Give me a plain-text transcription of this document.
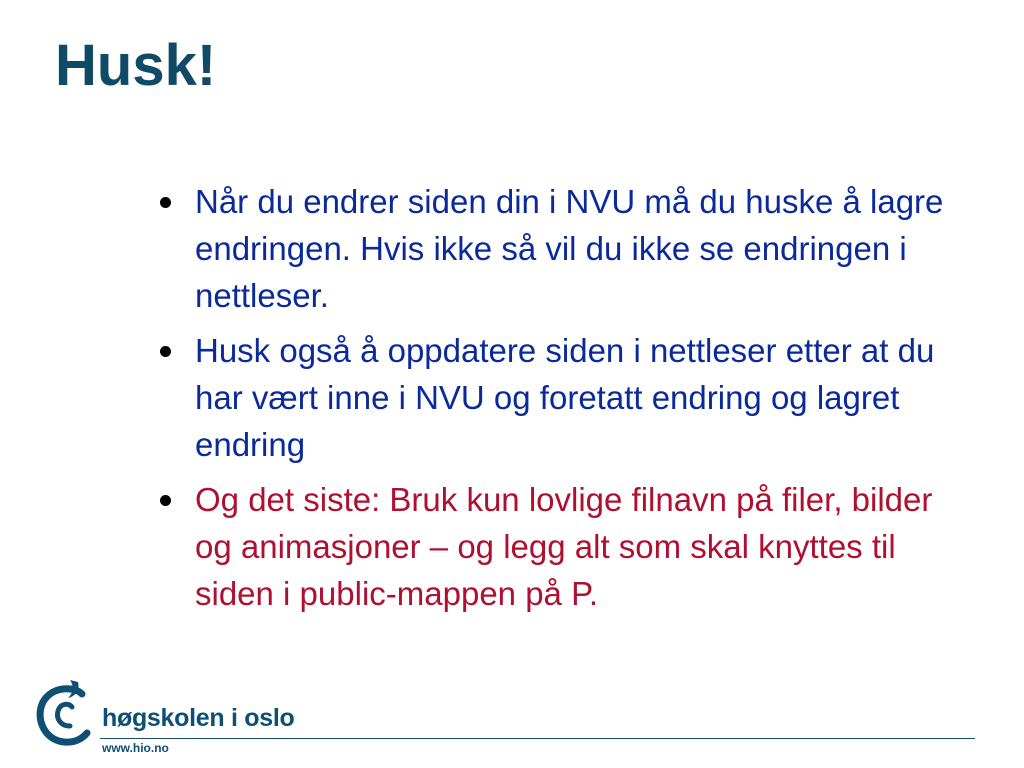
Husk!
Når du endrer siden din i NVU må du huske å lagre endringen. Hvis ikke så vil du ikke se endringen i nettleser.
Husk også å oppdatere siden i nettleser etter at du har vært inne i NVU og foretatt endring og lagret endring
Og det siste: Bruk kun lovlige filnavn på filer, bilder og animasjoner – og legg alt som skal knyttes til siden i public-mappen på P.
høgskolen i oslo
www.hio.no
